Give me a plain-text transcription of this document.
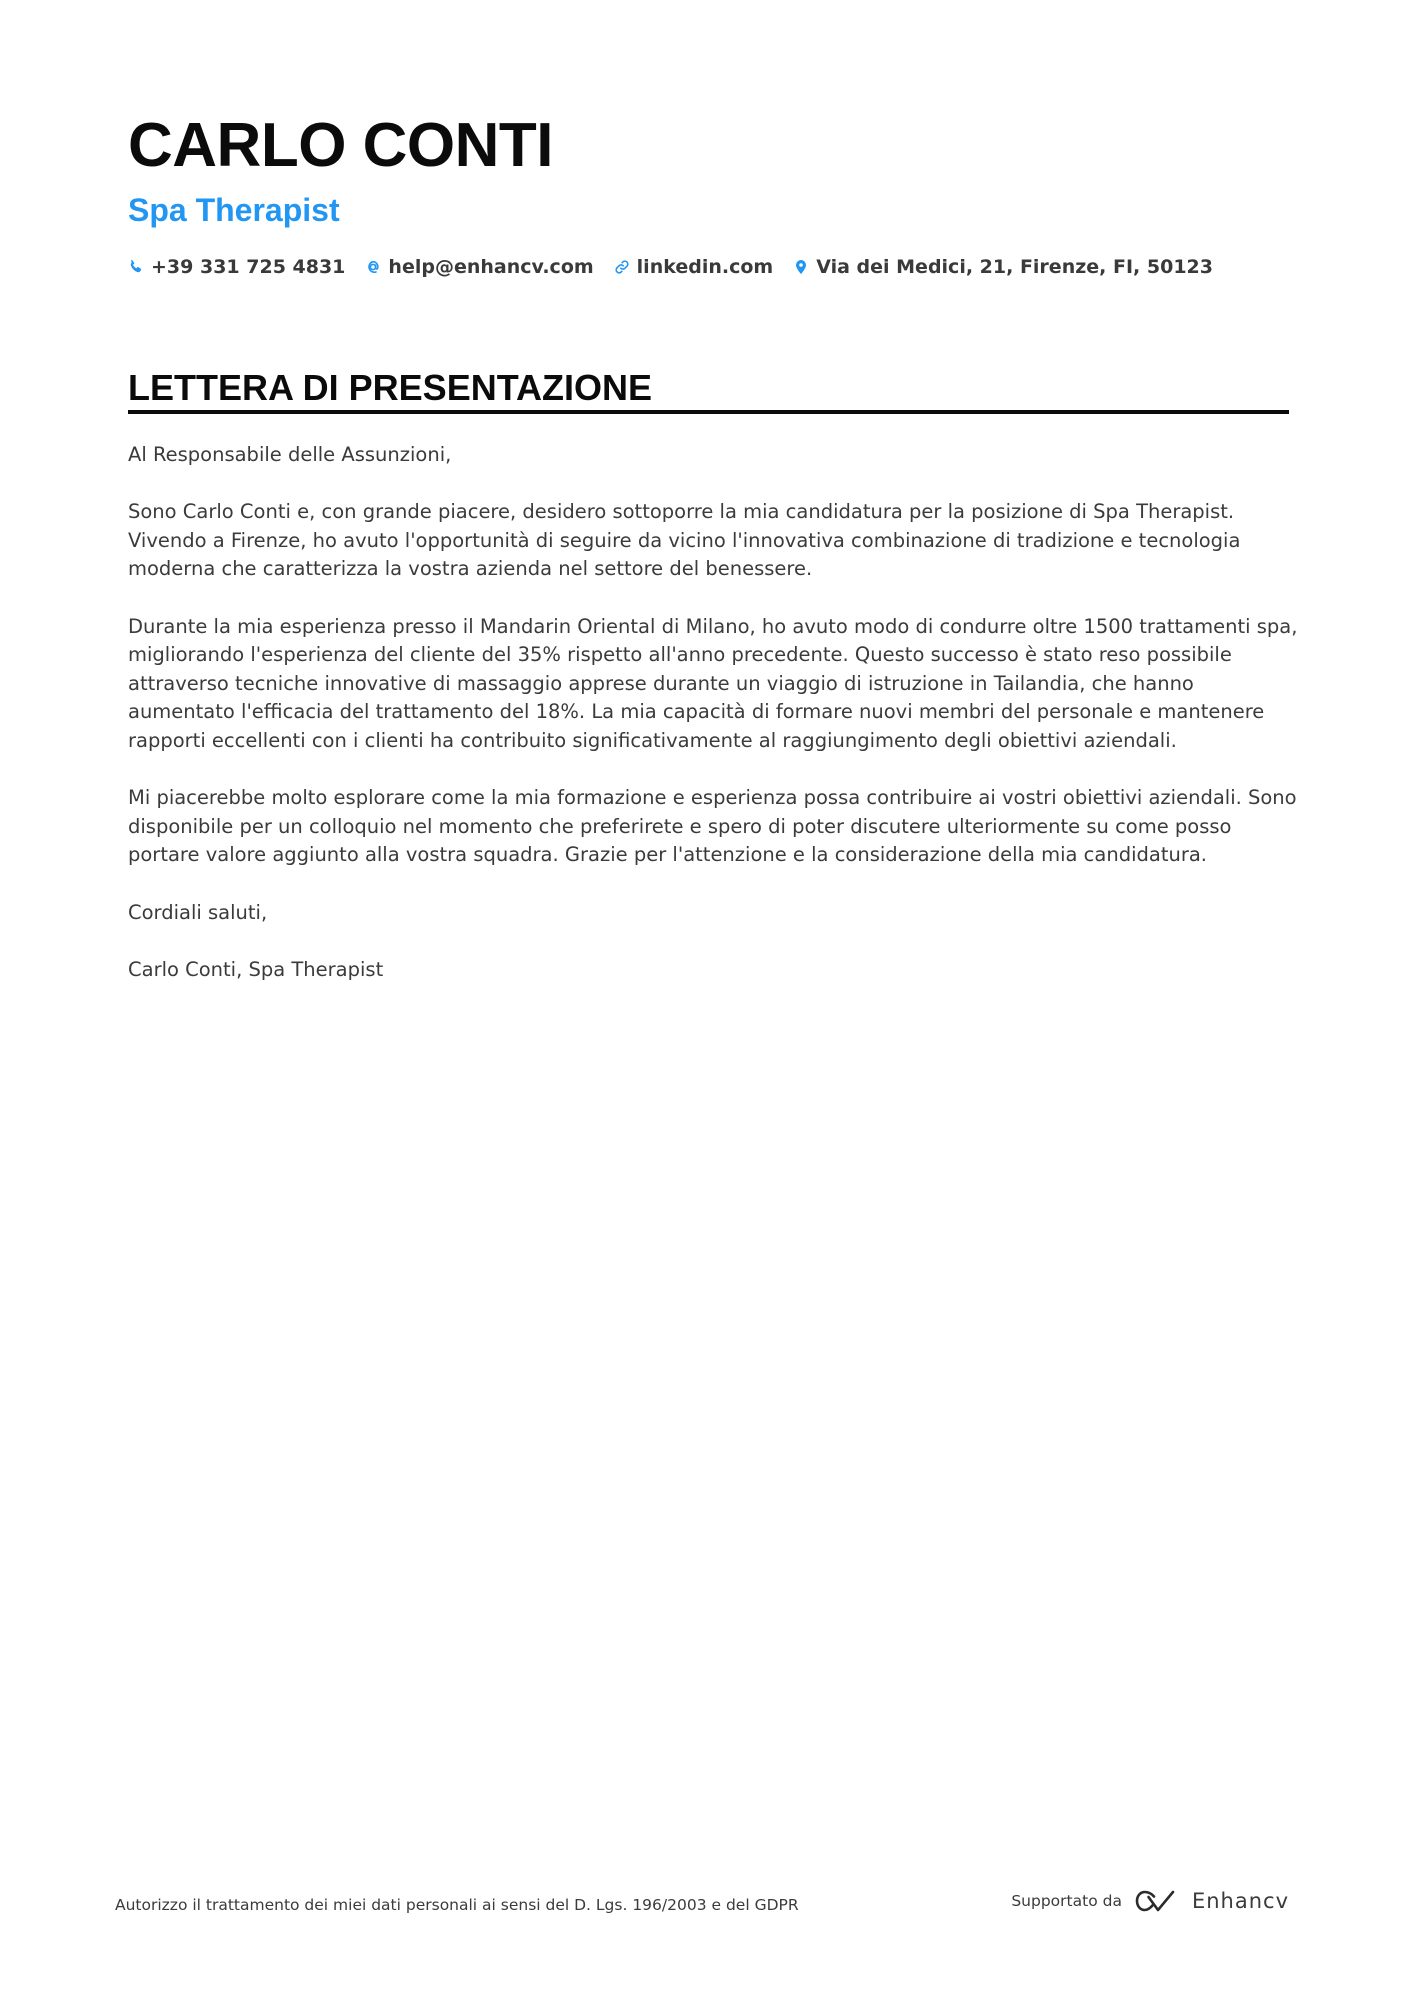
CARLO CONTI
Spa Therapist
+39 331 725 4831 help@enhancv.com linkedin.com Via dei Medici, 21, Firenze, FI, 50123
LETTERA DI PRESENTAZIONE

Al Responsabile delle Assunzioni,

Sono Carlo Conti e, con grande piacere, desidero sottoporre la mia candidatura per la posizione di Spa Therapist. Vivendo a Firenze, ho avuto l'opportunità di seguire da vicino l'innovativa combinazione di tradizione e tecnologia moderna che caratterizza la vostra azienda nel settore del benessere.

Durante la mia esperienza presso il Mandarin Oriental di Milano, ho avuto modo di condurre oltre 1500 trattamenti spa, migliorando l'esperienza del cliente del 35% rispetto all'anno precedente. Questo successo è stato reso possibile attraverso tecniche innovative di massaggio apprese durante un viaggio di istruzione in Tailandia, che hanno aumentato l'efficacia del trattamento del 18%. La mia capacità di formare nuovi membri del personale e mantenere rapporti eccellenti con i clienti ha contribuito significativamente al raggiungimento degli obiettivi aziendali.

Mi piacerebbe molto esplorare come la mia formazione e esperienza possa contribuire ai vostri obiettivi aziendali. Sono disponibile per un colloquio nel momento che preferirete e spero di poter discutere ulteriormente su come posso portare valore aggiunto alla vostra squadra. Grazie per l'attenzione e la considerazione della mia candidatura.

Cordiali saluti,

Carlo Conti, Spa Therapist

Autorizzo il trattamento dei miei dati personali ai sensi del D. Lgs. 196/2003 e del GDPR	Supportato da	Enhancv
